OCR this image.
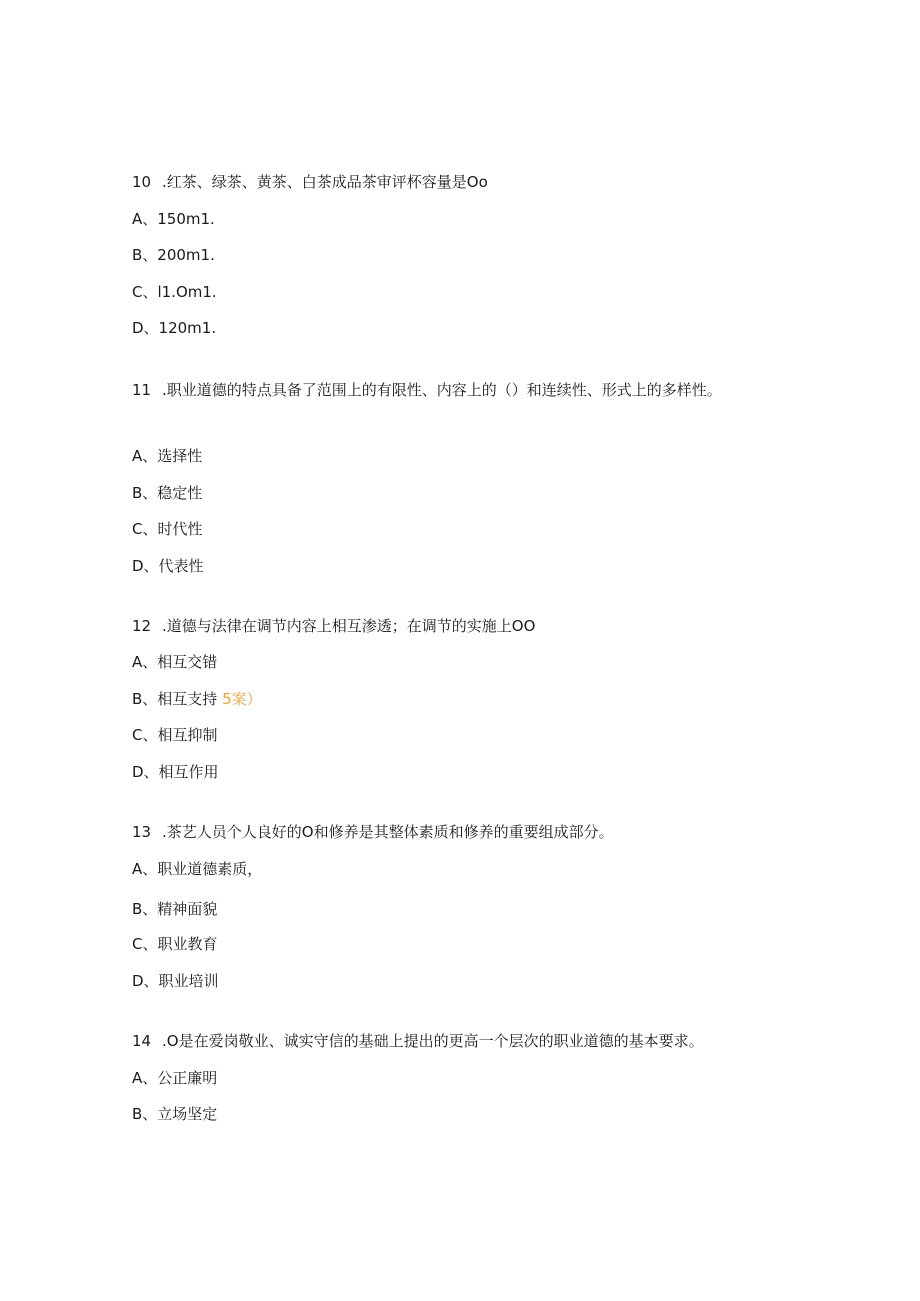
10 .红茶、绿茶、黄茶、白茶成品茶审评杯容量是Oo
A、150m1.
B、200m1.
C、l1.Om1.
D、120m1.
11 .职业道德的特点具备了范围上的有限性、内容上的（）和连续性、形式上的多样性。
A、选择性
B、稳定性
C、时代性
D、代表性
12 .道德与法律在调节内容上相互渗透；在调节的实施上OO
A、相互交错
B、相互支持 5案）
C、相互抑制
D、相互作用
13 .茶艺人员个人良好的O和修养是其整体素质和修养的重要组成部分。
A、职业道德素质，
B、精神面貌
C、职业教育
D、职业培训
14 .O是在爱岗敬业、诚实守信的基础上提出的更高一个层次的职业道德的基本要求。
A、公正廉明
B、立场坚定
